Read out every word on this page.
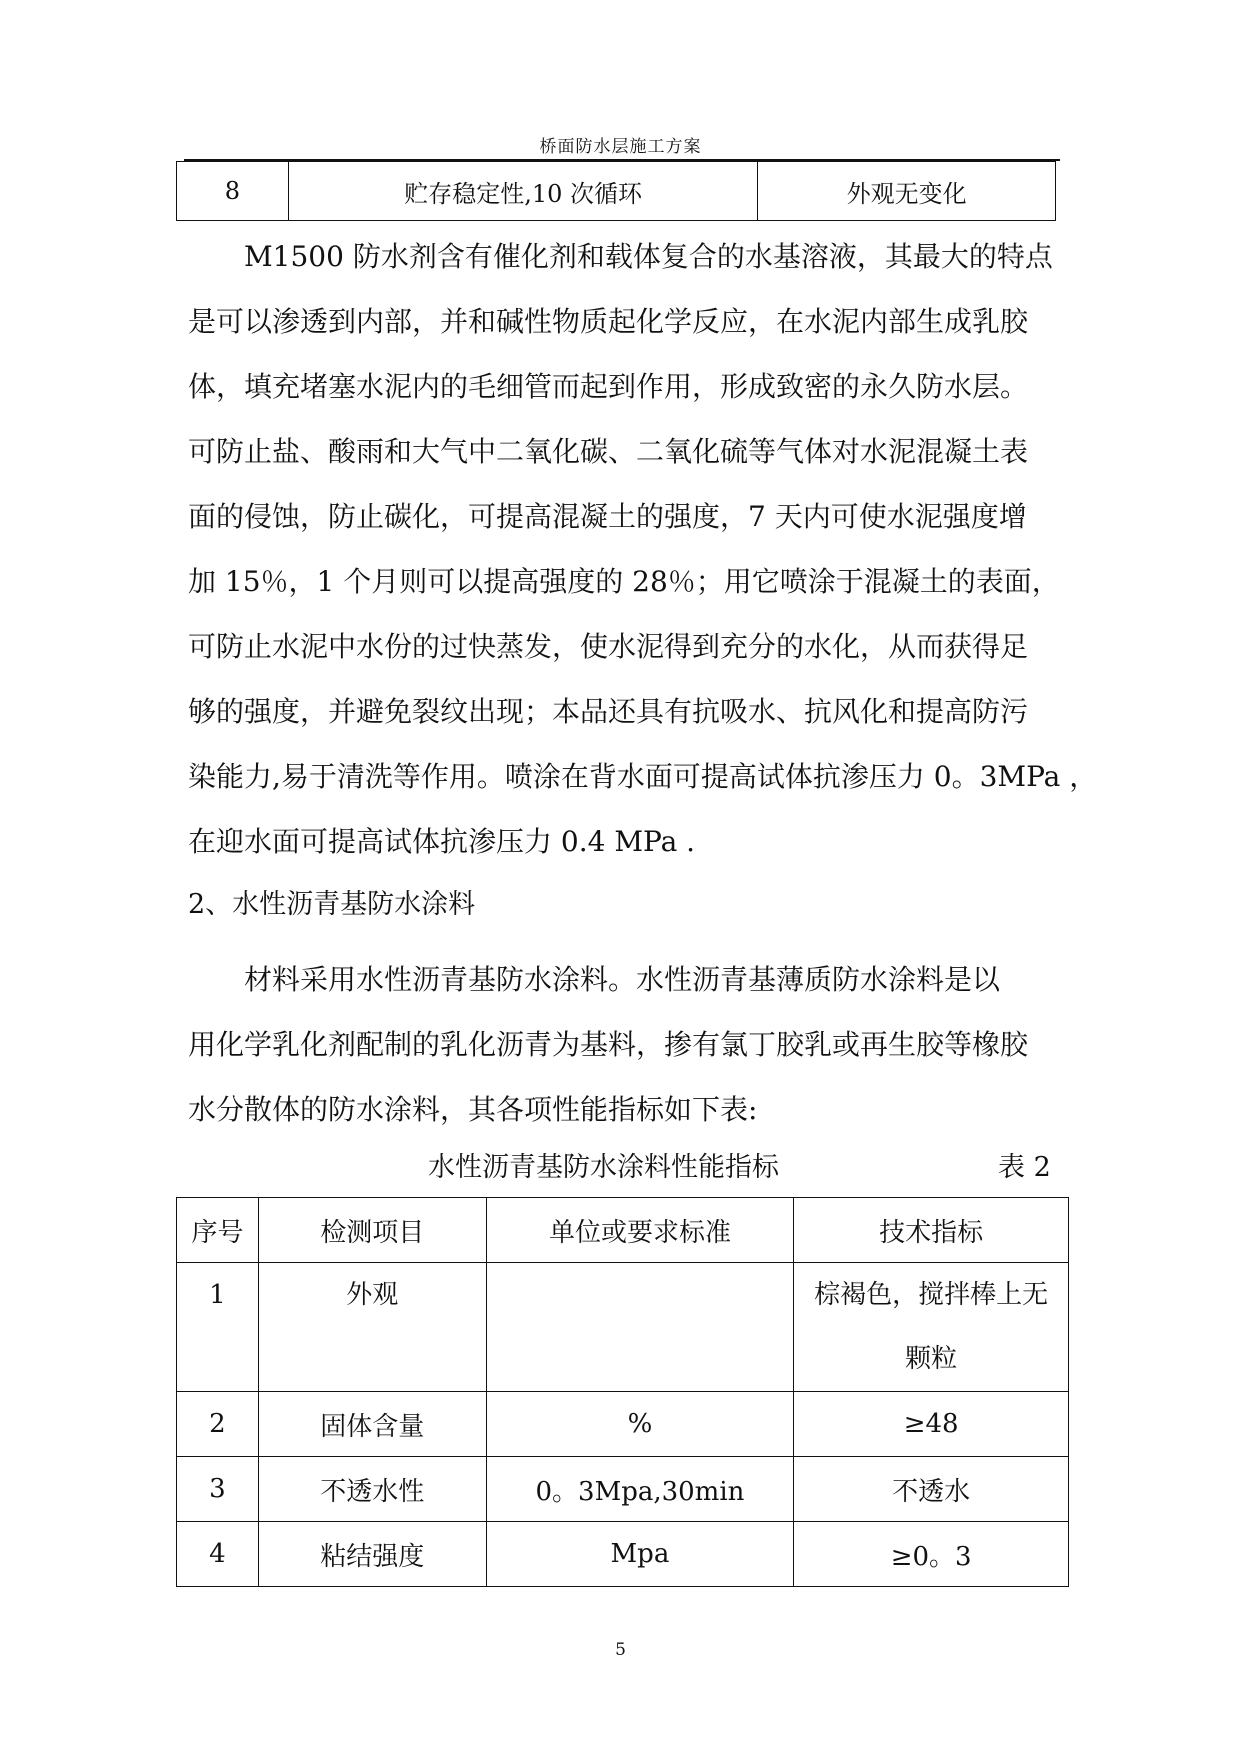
桥面防水层施工方案
8	贮存稳定性,10 次循环	外观无变化
M1500 防水剂含有催化剂和载体复合的水基溶液，其最大的特点
是可以渗透到内部，并和碱性物质起化学反应，在水泥内部生成乳胶
体，填充堵塞水泥内的毛细管而起到作用，形成致密的永久防水层。
可防止盐、酸雨和大气中二氧化碳、二氧化硫等气体对水泥混凝土表
面的侵蚀，防止碳化，可提高混凝土的强度，7 天内可使水泥强度增
加 15％，1 个月则可以提高强度的 28％；用它喷涂于混凝土的表面，
可防止水泥中水份的过快蒸发，使水泥得到充分的水化，从而获得足
够的强度，并避免裂纹出现；本品还具有抗吸水、抗风化和提高防污
染能力,易于清洗等作用。喷涂在背水面可提高试体抗渗压力 0。3MPa ，
在迎水面可提高试体抗渗压力 0.4 MPa .

2、水性沥青基防水涂料

材料采用水性沥青基防水涂料。水性沥青基薄质防水涂料是以
用化学乳化剂配制的乳化沥青为基料，掺有氯丁胶乳或再生胶等橡胶
水分散体的防水涂料，其各项性能指标如下表:

水性沥青基防水涂料性能指标	表 2

序号	检测项目	单位或要求标准	技术指标
1	外观		棕褐色，搅拌棒上无
颗粒

2	固体含量	%	≥48
3	不透水性	0。3Mpa,30min	不透水
4	粘结强度	Mpa	≥0。3
5
